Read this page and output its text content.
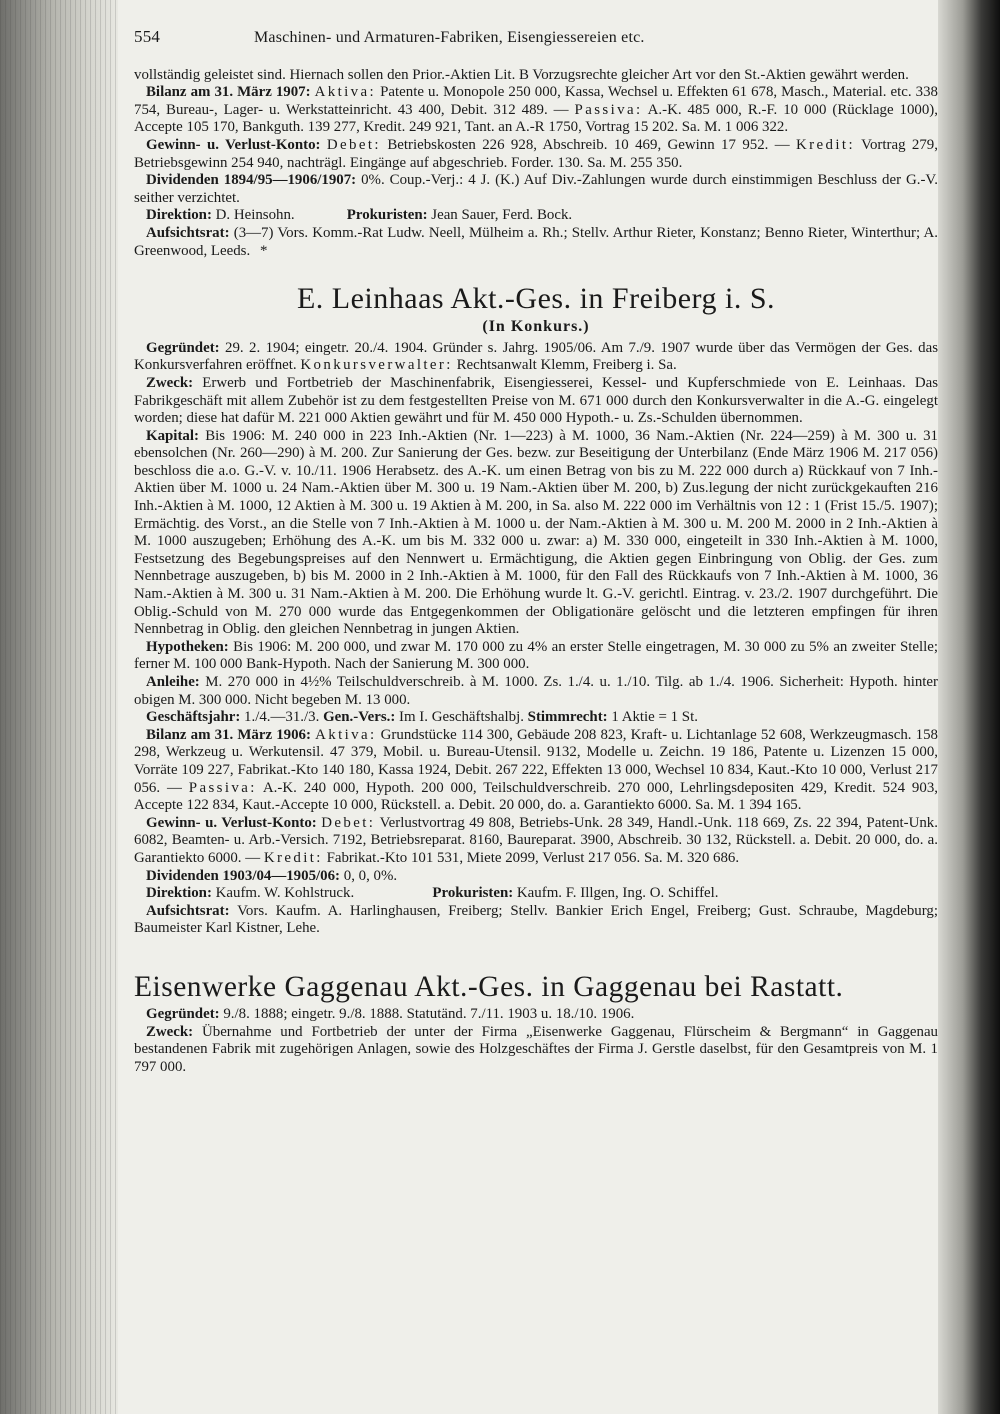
554	Maschinen- und Armaturen-Fabriken, Eisengiessereien etc.

vollständig geleistet sind. Hiernach sollen den Prior.-Aktien Lit. B Vorzugsrechte gleicher Art vor den St.-Aktien gewährt werden.

Bilanz am 31. März 1907: Aktiva: Patente u. Monopole 250 000, Kassa, Wechsel u. Effekten 61 678, Masch., Material. etc. 338 754, Bureau-, Lager- u. Werkstatteinricht. 43 400, Debit. 312 489. — Passiva: A.-K. 485 000, R.-F. 10 000 (Rücklage 1000), Accepte 105 170, Bankguth. 139 277, Kredit. 249 921, Tant. an A.-R 1750, Vortrag 15 202. Sa. M. 1 006 322.

Gewinn- u. Verlust-Konto: Debet: Betriebskosten 226 928, Abschreib. 10 469, Gewinn 17 952. — Kredit: Vortrag 279, Betriebsgewinn 254 940, nachträgl. Eingänge auf abgeschrieb. Forder. 130. Sa. M. 255 350.

Dividenden 1894/95—1906/1907: 0%. Coup.-Verj.: 4 J. (K.) Auf Div.-Zahlungen wurde durch einstimmigen Beschluss der G.-V. seither verzichtet.

Direktion: D. Heinsohn.	Prokuristen: Jean Sauer, Ferd. Bock.

Aufsichtsrat: (3—7) Vors. Komm.-Rat Ludw. Neell, Mülheim a. Rh.; Stellv. Arthur Rieter, Konstanz; Benno Rieter, Winterthur; A. Greenwood, Leeds. *

E. Leinhaas Akt.-Ges. in Freiberg i. S.
(In Konkurs.)

Gegründet: 29. 2. 1904; eingetr. 20./4. 1904. Gründer s. Jahrg. 1905/06. Am 7./9. 1907 wurde über das Vermögen der Ges. das Konkursverfahren eröffnet. Konkursverwalter: Rechtsanwalt Klemm, Freiberg i. Sa.

Zweck: Erwerb und Fortbetrieb der Maschinenfabrik, Eisengiesserei, Kessel- und Kupferschmiede von E. Leinhaas. Das Fabrikgeschäft mit allem Zubehör ist zu dem festgestellten Preise von M. 671 000 durch den Konkursverwalter in die A.-G. eingelegt worden; diese hat dafür M. 221 000 Aktien gewährt und für M. 450 000 Hypoth.- u. Zs.-Schulden übernommen.

Kapital: Bis 1906: M. 240 000 in 223 Inh.-Aktien (Nr. 1—223) à M. 1000, 36 Nam.-Aktien (Nr. 224—259) à M. 300 u. 31 ebensolchen (Nr. 260—290) à M. 200. Zur Sanierung der Ges. bezw. zur Beseitigung der Unterbilanz (Ende März 1906 M. 217 056) beschloss die a.o. G.-V. v. 10./11. 1906 Herabsetz. des A.-K. um einen Betrag von bis zu M. 222 000 durch a) Rückkauf von 7 Inh.-Aktien über M. 1000 u. 24 Nam.-Aktien über M. 300 u. 19 Nam.-Aktien über M. 200, b) Zus.legung der nicht zurückgekauften 216 Inh.-Aktien à M. 1000, 12 Aktien à M. 300 u. 19 Aktien à M. 200, in Sa. also M. 222 000 im Verhältnis von 12 : 1 (Frist 15./5. 1907); Ermächtig. des Vorst., an die Stelle von 7 Inh.-Aktien à M. 1000 u. der Nam.-Aktien à M. 300 u. M. 200 M. 2000 in 2 Inh.-Aktien à M. 1000 auszugeben; Erhöhung des A.-K. um bis M. 332 000 u. zwar: a) M. 330 000, eingeteilt in 330 Inh.-Aktien à M. 1000, Festsetzung des Begebungspreises auf den Nennwert u. Ermächtigung, die Aktien gegen Einbringung von Oblig. der Ges. zum Nennbetrage auszugeben, b) bis M. 2000 in 2 Inh.-Aktien à M. 1000, für den Fall des Rückkaufs von 7 Inh.-Aktien à M. 1000, 36 Nam.-Aktien à M. 300 u. 31 Nam.-Aktien à M. 200. Die Erhöhung wurde lt. G.-V. gerichtl. Eintrag. v. 23./2. 1907 durchgeführt. Die Oblig.-Schuld von M. 270 000 wurde das Entgegenkommen der Obligationäre gelöscht und die letzteren empfingen für ihren Nennbetrag in Oblig. den gleichen Nennbetrag in jungen Aktien.

Hypotheken: Bis 1906: M. 200 000, und zwar M. 170 000 zu 4% an erster Stelle eingetragen, M. 30 000 zu 5% an zweiter Stelle; ferner M. 100 000 Bank-Hypoth. Nach der Sanierung M. 300 000.

Anleihe: M. 270 000 in 4½% Teilschuldverschreib. à M. 1000. Zs. 1./4. u. 1./10. Tilg. ab 1./4. 1906. Sicherheit: Hypoth. hinter obigen M. 300 000. Nicht begeben M. 13 000.

Geschäftsjahr: 1./4.—31./3. Gen.-Vers.: Im I. Geschäftshalbj. Stimmrecht: 1 Aktie = 1 St.

Bilanz am 31. März 1906: Aktiva: Grundstücke 114 300, Gebäude 208 823, Kraft- u. Lichtanlage 52 608, Werkzeugmasch. 158 298, Werkzeug u. Werkutensil. 47 379, Mobil. u. Bureau-Utensil. 9132, Modelle u. Zeichn. 19 186, Patente u. Lizenzen 15 000, Vorräte 109 227, Fabrikat.-Kto 140 180, Kassa 1924, Debit. 267 222, Effekten 13 000, Wechsel 10 834, Kaut.-Kto 10 000, Verlust 217 056. — Passiva: A.-K. 240 000, Hypoth. 200 000, Teilschuldverschreib. 270 000, Lehrlingsdepositen 429, Kredit. 524 903, Accepte 122 834, Kaut.-Accepte 10 000, Rückstell. a. Debit. 20 000, do. a. Garantiekto 6000. Sa. M. 1 394 165.

Gewinn- u. Verlust-Konto: Debet: Verlustvortrag 49 808, Betriebs-Unk. 28 349, Handl.-Unk. 118 669, Zs. 22 394, Patent-Unk. 6082, Beamten- u. Arb.-Versich. 7192, Betriebsreparat. 8160, Baureparat. 3900, Abschreib. 30 132, Rückstell. a. Debit. 20 000, do. a. Garantiekto 6000. — Kredit: Fabrikat.-Kto 101 531, Miete 2099, Verlust 217 056. Sa. M. 320 686.

Dividenden 1903/04—1905/06: 0, 0, 0%.

Direktion: Kaufm. W. Kohlstruck.	Prokuristen: Kaufm. F. Illgen, Ing. O. Schiffel.

Aufsichtsrat: Vors. Kaufm. A. Harlinghausen, Freiberg; Stellv. Bankier Erich Engel, Freiberg; Gust. Schraube, Magdeburg; Baumeister Karl Kistner, Lehe.

Eisenwerke Gaggenau Akt.-Ges. in Gaggenau bei Rastatt.

Gegründet: 9./8. 1888; eingetr. 9./8. 1888. Statutänd. 7./11. 1903 u. 18./10. 1906.

Zweck: Übernahme und Fortbetrieb der unter der Firma „Eisenwerke Gaggenau, Flürscheim & Bergmann“ in Gaggenau bestandenen Fabrik mit zugehörigen Anlagen, sowie des Holzgeschäftes der Firma J. Gerstle daselbst, für den Gesamtpreis von M. 1 797 000.
